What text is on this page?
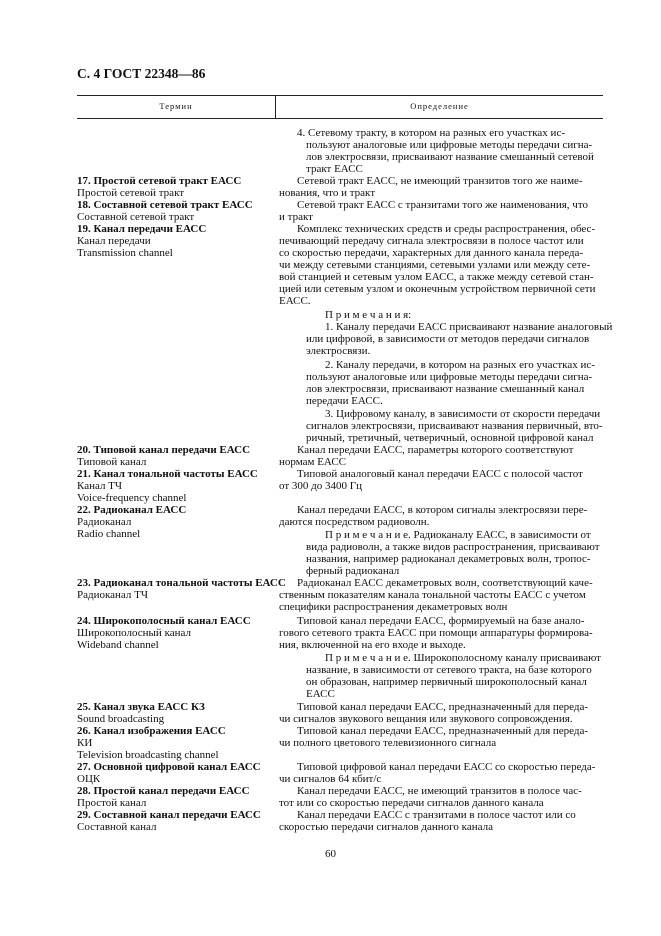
С. 4 ГОСТ 22348—86
Термин	Определение
4. Сетевому тракту, в котором на разных его участках ис-
пользуют аналоговые или цифровые методы передачи сигна-
лов электросвязи, присваивают название смешанный сетевой
тракт ЕАСС
17. Простой сетевой тракт ЕАСС
Простой сетевой тракт
18. Составной сетевой тракт ЕАСС
Составной сетевой тракт
19. Канал передачи ЕАСС
Канал передачи
Transmission channel
Сетевой тракт ЕАСС, не имеющий транзитов того же наиме-
нования, что и тракт
Сетевой тракт ЕАСС с транзитами того же наименования, что
и тракт
Комплекс технических средств и среды распространения, обес-
печивающий передачу сигнала электросвязи в полосе частот или
со скоростью передачи, характерных для данного канала переда-
чи между сетевыми станциями, сетевыми узлами или между сете-
вой станцией и сетевым узлом ЕАСС, а также между сетевой стан-
цией или сетевым узлом и оконечным устройством первичной сети
ЕАСС.
П р и м е ч а н и я:
1. Каналу передачи ЕАСС присваивают название аналоговый
или цифровой, в зависимости от методов передачи сигналов
электросвязи.
2. Каналу передачи, в котором на разных его участках ис-
пользуют аналоговые или цифровые методы передачи сигна-
лов электросвязи, присваивают название смешанный канал
передачи ЕАСС.
3. Цифровому каналу, в зависимости от скорости передачи
сигналов электросвязи, присваивают названия первичный, вто-
ричный, третичный, четверичный, основной цифровой канал
20. Типовой канал передачи ЕАСС
Типовой канал
21. Канал тональной частоты ЕАСС
Канал ТЧ
Voice-frequency channel
22. Радиоканал ЕАСС
Радиоканал
Radio channel
Канал передачи ЕАСС, параметры которого соответствуют
нормам ЕАСС
Типовой аналоговый канал передачи ЕАСС с полосой частот
от 300 до 3400 Гц
Канал передачи ЕАСС, в котором сигналы электросвязи пере-
даются посредством радиоволн.
П р и м е ч а н и е. Радиоканалу ЕАСС, в зависимости от
вида радиоволн, а также видов распространения, присваивают
названия, например радиоканал декаметровых волн, тропос-
ферный радиоканал
23. Радиоканал тональной частоты ЕАСС
Радиоканал ТЧ
Радиоканал ЕАСС декаметровых волн, соответствующий каче-
ственным показателям канала тональной частоты ЕАСС с учетом
специфики распространения декаметровых волн
24. Широкополосный канал ЕАСС
Широкополосный канал
Wideband channel
Типовой канал передачи ЕАСС, формируемый на базе анало-
гового сетевого тракта ЕАСС при помощи аппаратуры формирова-
ния, включенной на его входе и выходе.
П р и м е ч а н и е. Широкополосному каналу присваивают
название, в зависимости от сетевого тракта, на базе которого
он образован, например первичный широкополосный канал
ЕАСС
25. Канал звука ЕАСС КЗ
Sound broadcasting
26. Канал изображения ЕАСС
КИ
Television broadcasting channel
27. Основной цифровой канал ЕАСС
ОЦК
28. Простой канал передачи ЕАСС
Простой канал
29. Составной канал передачи ЕАСС
Составной канал
Типовой канал передачи ЕАСС, предназначенный для переда-
чи сигналов звукового вещания или звукового сопровождения.
Типовой канал передачи ЕАСС, предназначенный для переда-
чи полного цветового телевизионного сигнала
Типовой цифровой канал передачи ЕАСС со скоростью переда-
чи сигналов 64 кбит/с
Канал передачи ЕАСС, не имеющий транзитов в полосе час-
тот или со скоростью передачи сигналов данного канала
Канал передачи ЕАСС с транзитами в полосе частот или со
скоростью передачи сигналов данного канала
60
